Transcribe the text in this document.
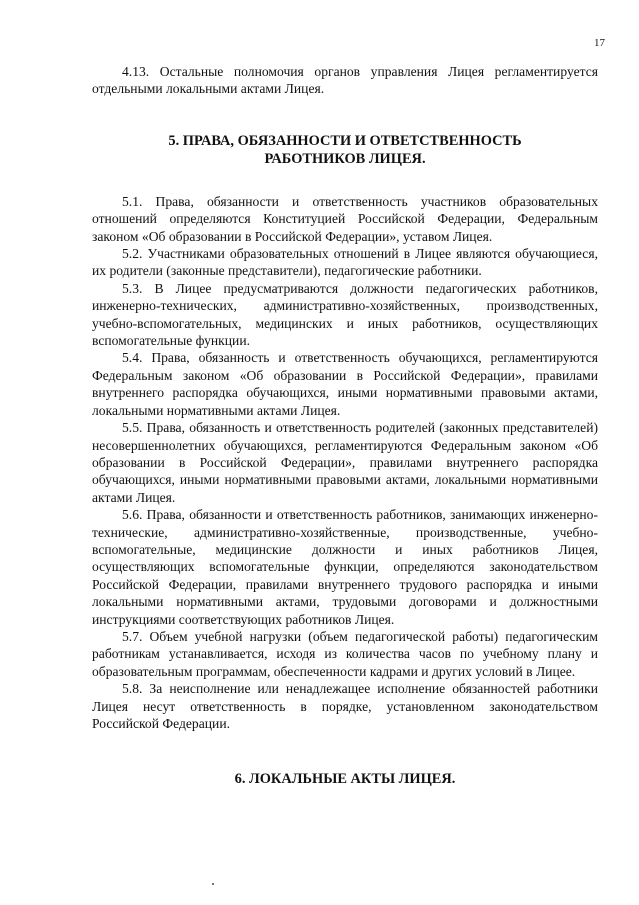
17

4.13. Остальные полномочия органов управления Лицея регламентируется отдельными локальными актами Лицея.

5. ПРАВА, ОБЯЗАННОСТИ И ОТВЕТСТВЕННОСТЬ
РАБОТНИКОВ ЛИЦЕЯ.

5.1. Права, обязанности и ответственность участников образовательных отношений определяются Конституцией Российской Федерации, Федеральным законом «Об образовании в Российской Федерации», уставом Лицея.

5.2. Участниками образовательных отношений в Лицее являются обучающиеся, их родители (законные представители), педагогические работники.

5.3. В Лицее предусматриваются должности педагогических работников, инженерно-технических, административно-хозяйственных, производственных, учебно-вспомогательных, медицинских и иных работников, осуществляющих вспомогательные функции.

5.4. Права, обязанность и ответственность обучающихся, регламентируются Федеральным законом «Об образовании в Российской Федерации», правилами внутреннего распорядка обучающихся, иными нормативными правовыми актами, локальными нормативными актами Лицея.

5.5. Права, обязанность и ответственность родителей (законных представителей) несовершеннолетних обучающихся, регламентируются Федеральным законом «Об образовании в Российской Федерации», правилами внутреннего распорядка обучающихся, иными нормативными правовыми актами, локальными нормативными актами Лицея.

5.6. Права, обязанности и ответственность работников, занимающих инженерно-технические, административно-хозяйственные, производственные, учебно-вспомогательные, медицинские должности и иных работников Лицея, осуществляющих вспомогательные функции, определяются законодательством Российской Федерации, правилами внутреннего трудового распорядка и иными локальными нормативными актами, трудовыми договорами и должностными инструкциями соответствующих работников Лицея.

5.7. Объем учебной нагрузки (объем педагогической работы) педагогическим работникам устанавливается, исходя из количества часов по учебному плану и образовательным программам, обеспеченности кадрами и других условий в Лицее.

5.8. За неисполнение или ненадлежащее исполнение обязанностей работники Лицея несут ответственность в порядке, установленном законодательством Российской Федерации.

6. ЛОКАЛЬНЫЕ АКТЫ ЛИЦЕЯ.
